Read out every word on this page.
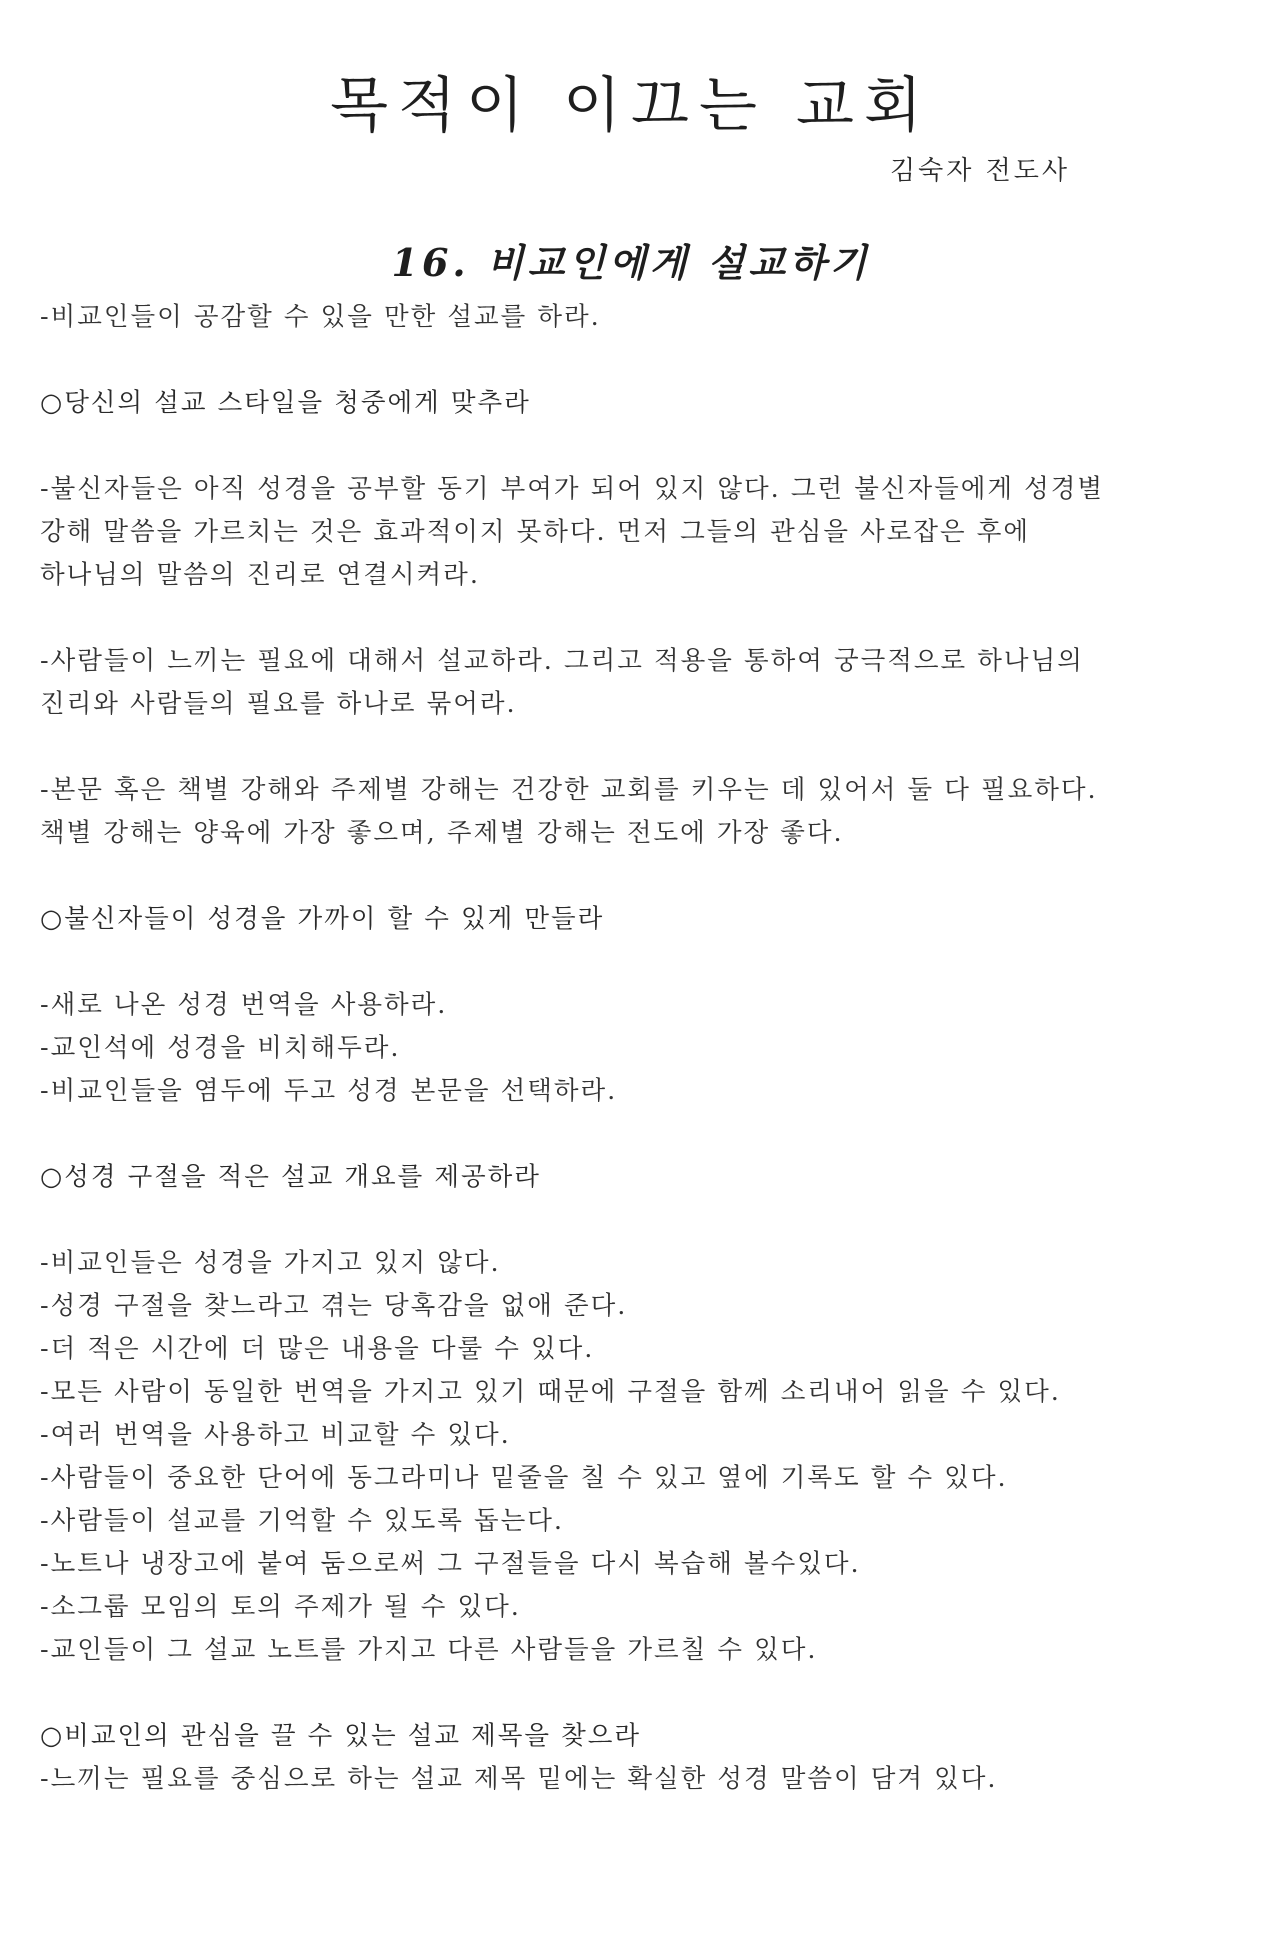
목적이 이끄는 교회
김숙자 전도사
16. 비교인에게 설교하기
-비교인들이 공감할 수 있을 만한 설교를 하라.
○당신의 설교 스타일을 청중에게 맞추라
-불신자들은 아직 성경을 공부할 동기 부여가 되어 있지 않다. 그런 불신자들에게 성경별
강해 말씀을 가르치는 것은 효과적이지 못하다. 먼저 그들의 관심을 사로잡은 후에
하나님의 말씀의 진리로 연결시켜라.
-사람들이 느끼는 필요에 대해서 설교하라. 그리고 적용을 통하여 궁극적으로 하나님의
진리와 사람들의 필요를 하나로 묶어라.
-본문 혹은 책별 강해와 주제별 강해는 건강한 교회를 키우는 데 있어서 둘 다 필요하다.
책별 강해는 양육에 가장 좋으며, 주제별 강해는 전도에 가장 좋다.
○불신자들이 성경을 가까이 할 수 있게 만들라
-새로 나온 성경 번역을 사용하라.
-교인석에 성경을 비치해두라.
-비교인들을 염두에 두고 성경 본문을 선택하라.
○성경 구절을 적은 설교 개요를 제공하라
-비교인들은 성경을 가지고 있지 않다.
-성경 구절을 찾느라고 겪는 당혹감을 없애 준다.
-더 적은 시간에 더 많은 내용을 다룰 수 있다.
-모든 사람이 동일한 번역을 가지고 있기 때문에 구절을 함께 소리내어 읽을 수 있다.
-여러 번역을 사용하고 비교할 수 있다.
-사람들이 중요한 단어에 동그라미나 밑줄을 칠 수 있고 옆에 기록도 할 수 있다.
-사람들이 설교를 기억할 수 있도록 돕는다.
-노트나 냉장고에 붙여 둠으로써 그 구절들을 다시 복습해 볼수있다.
-소그룹 모임의 토의 주제가 될 수 있다.
-교인들이 그 설교 노트를 가지고 다른 사람들을 가르칠 수 있다.
○비교인의 관심을 끌 수 있는 설교 제목을 찾으라
-느끼는 필요를 중심으로 하는 설교 제목 밑에는 확실한 성경 말씀이 담겨 있다.
